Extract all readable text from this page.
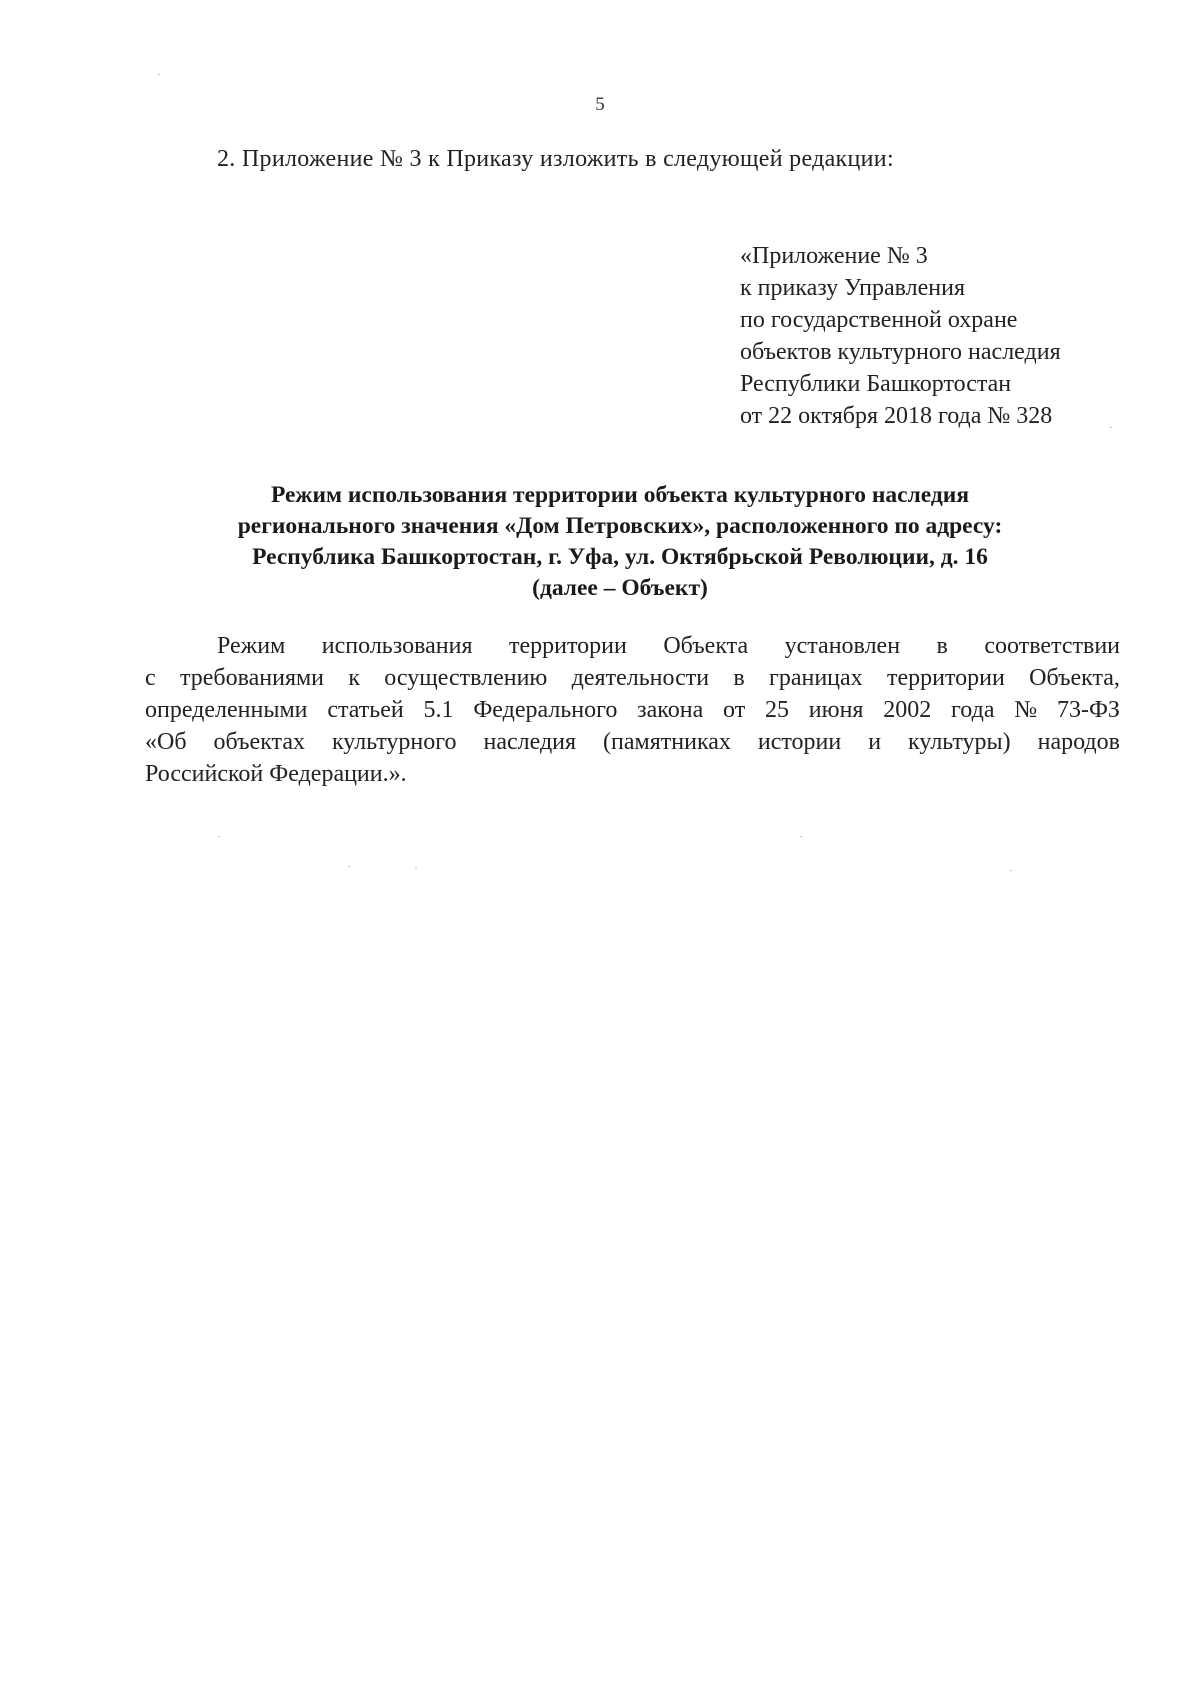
5
2. Приложение № 3 к Приказу изложить в следующей редакции:
«Приложение № 3
к приказу Управления
по государственной охране
объектов культурного наследия
Республики Башкортостан
от 22 октября 2018 года № 328
Режим использования территории объекта культурного наследия
регионального значения «Дом Петровских», расположенного по адресу:
Республика Башкортостан, г. Уфа, ул. Октябрьской Революции, д. 16
(далее – Объект)
Режим использования территории Объекта установлен в соответствии
с требованиями к осуществлению деятельности в границах территории Объекта,
определенными статьей 5.1 Федерального закона от 25 июня 2002 года № 73-ФЗ
«Об объектах культурного наследия (памятниках истории и культуры) народов
Российской Федерации.».
